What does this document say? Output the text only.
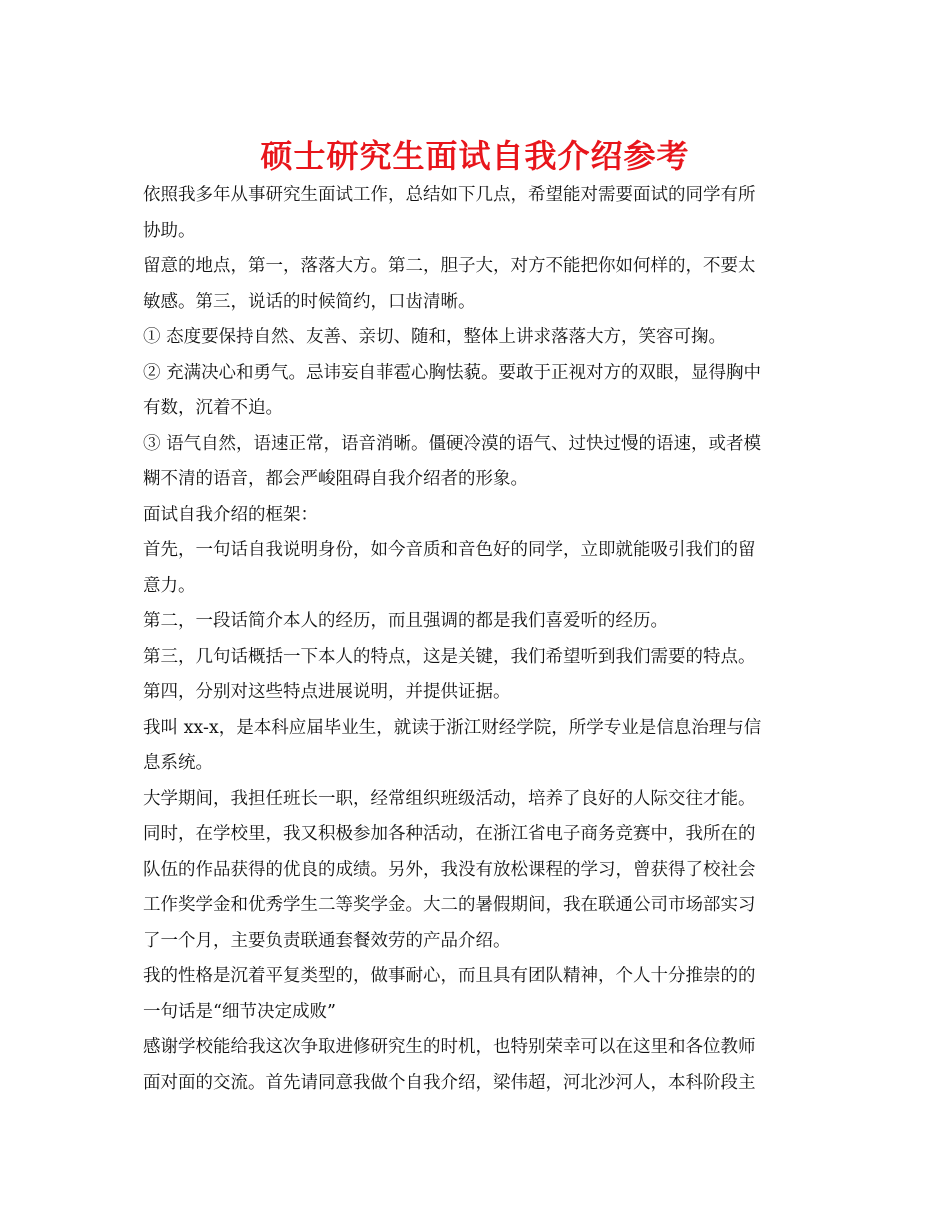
硕士研究生面试自我介绍参考

依照我多年从事研究生面试工作，总结如下几点，希望能对需要面试的同学有所

协助。

留意的地点，第一，落落大方。第二，胆子大，对方不能把你如何样的，不要太

敏感。第三，说话的时候简约，口齿清晰。

① 态度要保持自然、友善、亲切、随和，整体上讲求落落大方，笑容可掬。

② 充满决心和勇气。忌讳妄自菲雹心胸怯藐。要敢于正视对方的双眼，显得胸中

有数，沉着不迫。

③ 语气自然，语速正常，语音消晰。僵硬冷漠的语气、过快过慢的语速，或者模

糊不清的语音，都会严峻阻碍自我介绍者的形象。

面试自我介绍的框架：

首先，一句话自我说明身份，如今音质和音色好的同学，立即就能吸引我们的留

意力。

第二，一段话简介本人的经历，而且强调的都是我们喜爱听的经历。

第三，几句话概括一下本人的特点，这是关键，我们希望听到我们需要的特点。

第四，分别对这些特点进展说明，并提供证据。

我叫 xx-x，是本科应届毕业生，就读于浙江财经学院，所学专业是信息治理与信

息系统。

大学期间，我担任班长一职，经常组织班级活动，培养了良好的人际交往才能。

同时，在学校里，我又积极参加各种活动，在浙江省电子商务竞赛中，我所在的

队伍的作品获得的优良的成绩。另外，我没有放松课程的学习，曾获得了校社会

工作奖学金和优秀学生二等奖学金。大二的暑假期间，我在联通公司市场部实习

了一个月，主要负责联通套餐效劳的产品介绍。

我的性格是沉着平复类型的，做事耐心，而且具有团队精神，个人十分推崇的的

一句话是“细节决定成败”

感谢学校能给我这次争取进修研究生的时机，也特别荣幸可以在这里和各位教师

面对面的交流。首先请同意我做个自我介绍，梁伟超，河北沙河人，本科阶段主
